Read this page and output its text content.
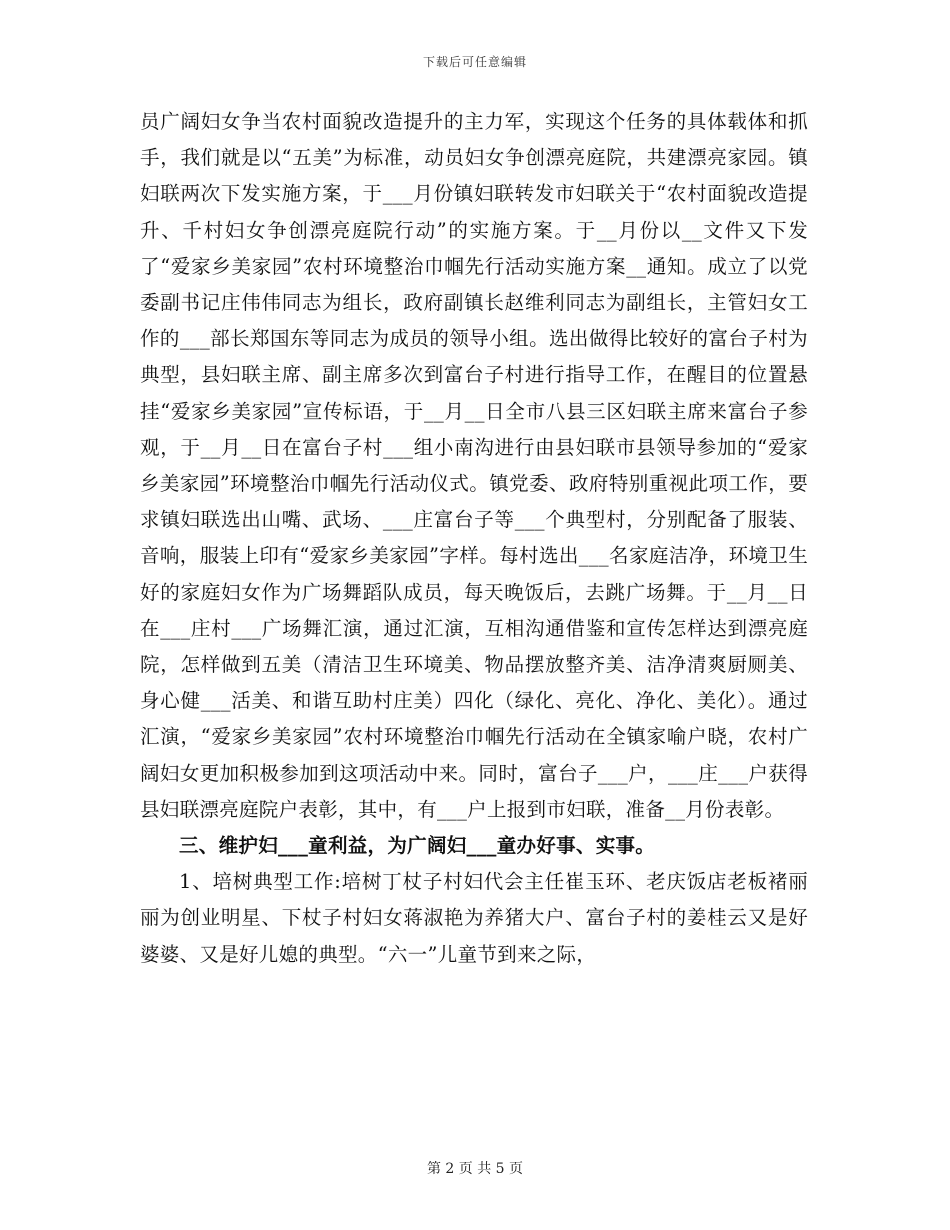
下载后可任意编辑

员广阔妇女争当农村面貌改造提升的主力军，实现这个任务的具体载体和抓手，我们就是以“五美”为标准，动员妇女争创漂亮庭院，共建漂亮家园。镇妇联两次下发实施方案，于___月份镇妇联转发市妇联关于“农村面貌改造提升、千村妇女争创漂亮庭院行动”的实施方案。于__月份以__文件又下发了“爱家乡美家园”农村环境整治巾帼先行活动实施方案__通知。成立了以党委副书记庄伟伟同志为组长，政府副镇长赵维利同志为副组长，主管妇女工作的___部长郑国东等同志为成员的领导小组。选出做得比较好的富台子村为典型，县妇联主席、副主席多次到富台子村进行指导工作，在醒目的位置悬挂“爱家乡美家园”宣传标语，于__月__日全市八县三区妇联主席来富台子参观，于__月__日在富台子村___组小南沟进行由县妇联市县领导参加的“爱家乡美家园”环境整治巾帼先行活动仪式。镇党委、政府特别重视此项工作，要求镇妇联选出山嘴、武场、___庄富台子等___个典型村，分别配备了服装、音响，服装上印有“爱家乡美家园”字样。每村选出___名家庭洁净，环境卫生好的家庭妇女作为广场舞蹈队成员，每天晚饭后，去跳广场舞。于__月__日在___庄村___广场舞汇演，通过汇演，互相沟通借鉴和宣传怎样达到漂亮庭院，怎样做到五美（清洁卫生环境美、物品摆放整齐美、洁净清爽厨厕美、身心健___活美、和谐互助村庄美）四化（绿化、亮化、净化、美化）。通过汇演，“爱家乡美家园”农村环境整治巾帼先行活动在全镇家喻户晓，农村广阔妇女更加积极参加到这项活动中来。同时，富台子___户，___庄___户获得县妇联漂亮庭院户表彰，其中，有___户上报到市妇联，准备__月份表彰。

三、维护妇___童利益，为广阔妇___童办好事、实事。

1、培树典型工作:培树丁杖子村妇代会主任崔玉环、老庆饭店老板褚丽丽为创业明星、下杖子村妇女蒋淑艳为养猪大户、富台子村的姜桂云又是好婆婆、又是好儿媳的典型。“六一”儿童节到来之际，

第 2 页 共 5 页
